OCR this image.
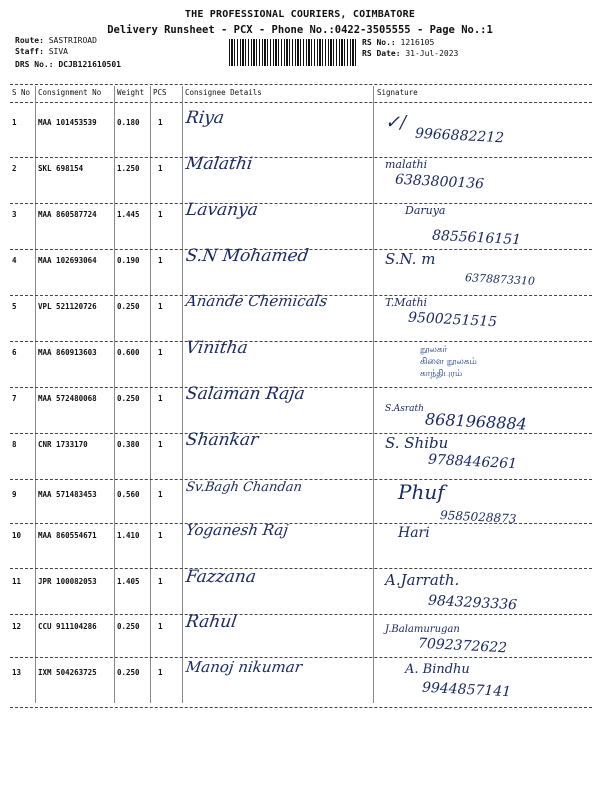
THE PROFESSIONAL COURIERS, COIMBATORE
Delivery Runsheet - PCX - Phone No.:0422-3505555 - Page No.:1
Route: SASTRIROAD
Staff: SIVA
DRS No.: DCJB121610501
RS No.: 1216105
RS Date: 31-Jul-2023
S No Consignment No Weight PCS Consignee Details	Signature
1	MAA 101453539	0.180 1 Riya	✓/
9966882212
2	SKL 698154	1.250 1 Malathi	malathi
6383800136
3	MAA 860587724	1.445 1 Lavanya	Daruya
8855616151
4	MAA 102693064	0.190 1 S.N Mohamed	S.N. m
6378873310
5	VPL 521120726	0.250 1 Anande Chemicals	T.Mathi
9500251515
6	MAA 860913603	0.600 1 Vinitha	நூலகர்
கிளை நூலகம்
காந்திபுரம்
7	MAA 572480068	0.250 1 Salaman Raja
S.Asrath
8681968884
8	CNR 1733170	0.380 1 Shankar	S. Shibu
9788446261
9	MAA 571483453	0.560 1 Sv.Bagh Chandan	Phuf
9585028873
10 MAA 860554671	1.410 1 Yoganesh Raj	Hari
11 JPR 100082053	1.405 1 Fazzana	A.Jarrath.
9843293336
12 CCU 911104286	0.250 1 Rahul	J.Balamurugan
7092372622
13 IXM 504263725	0.250 1 Manoj nikumar	A. Bindhu
9944857141
